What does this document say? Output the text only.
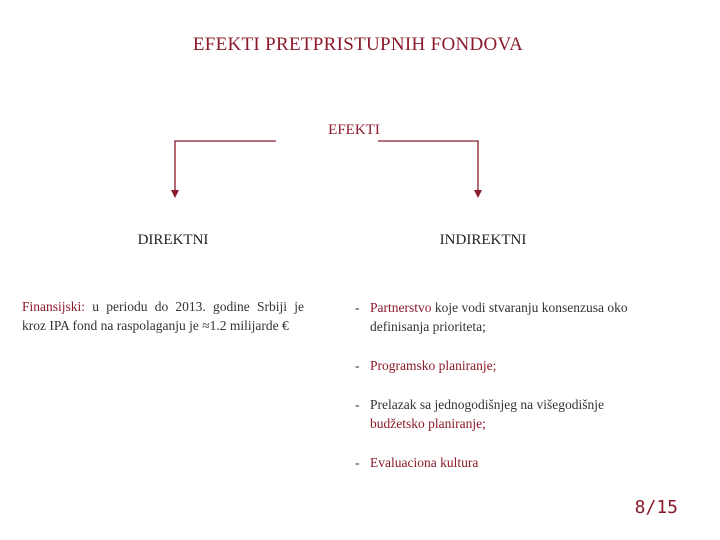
EFEKTI PRETPRISTUPNIH FONDOVA
EFEKTI
DIREKTNI	INDIREKTNI
Finansijski: u periodu do 2013. godine Srbiji je kroz IPA fond na raspolaganju je ≈1.2 milijarde €
- Partnerstvo koje vodi stvaranju konsenzusa oko definisanja prioriteta;
- Programsko planiranje;
- Prelazak sa jednogodišnjeg na višegodišnje budžetsko planiranje;
- Evaluaciona kultura
8/15
